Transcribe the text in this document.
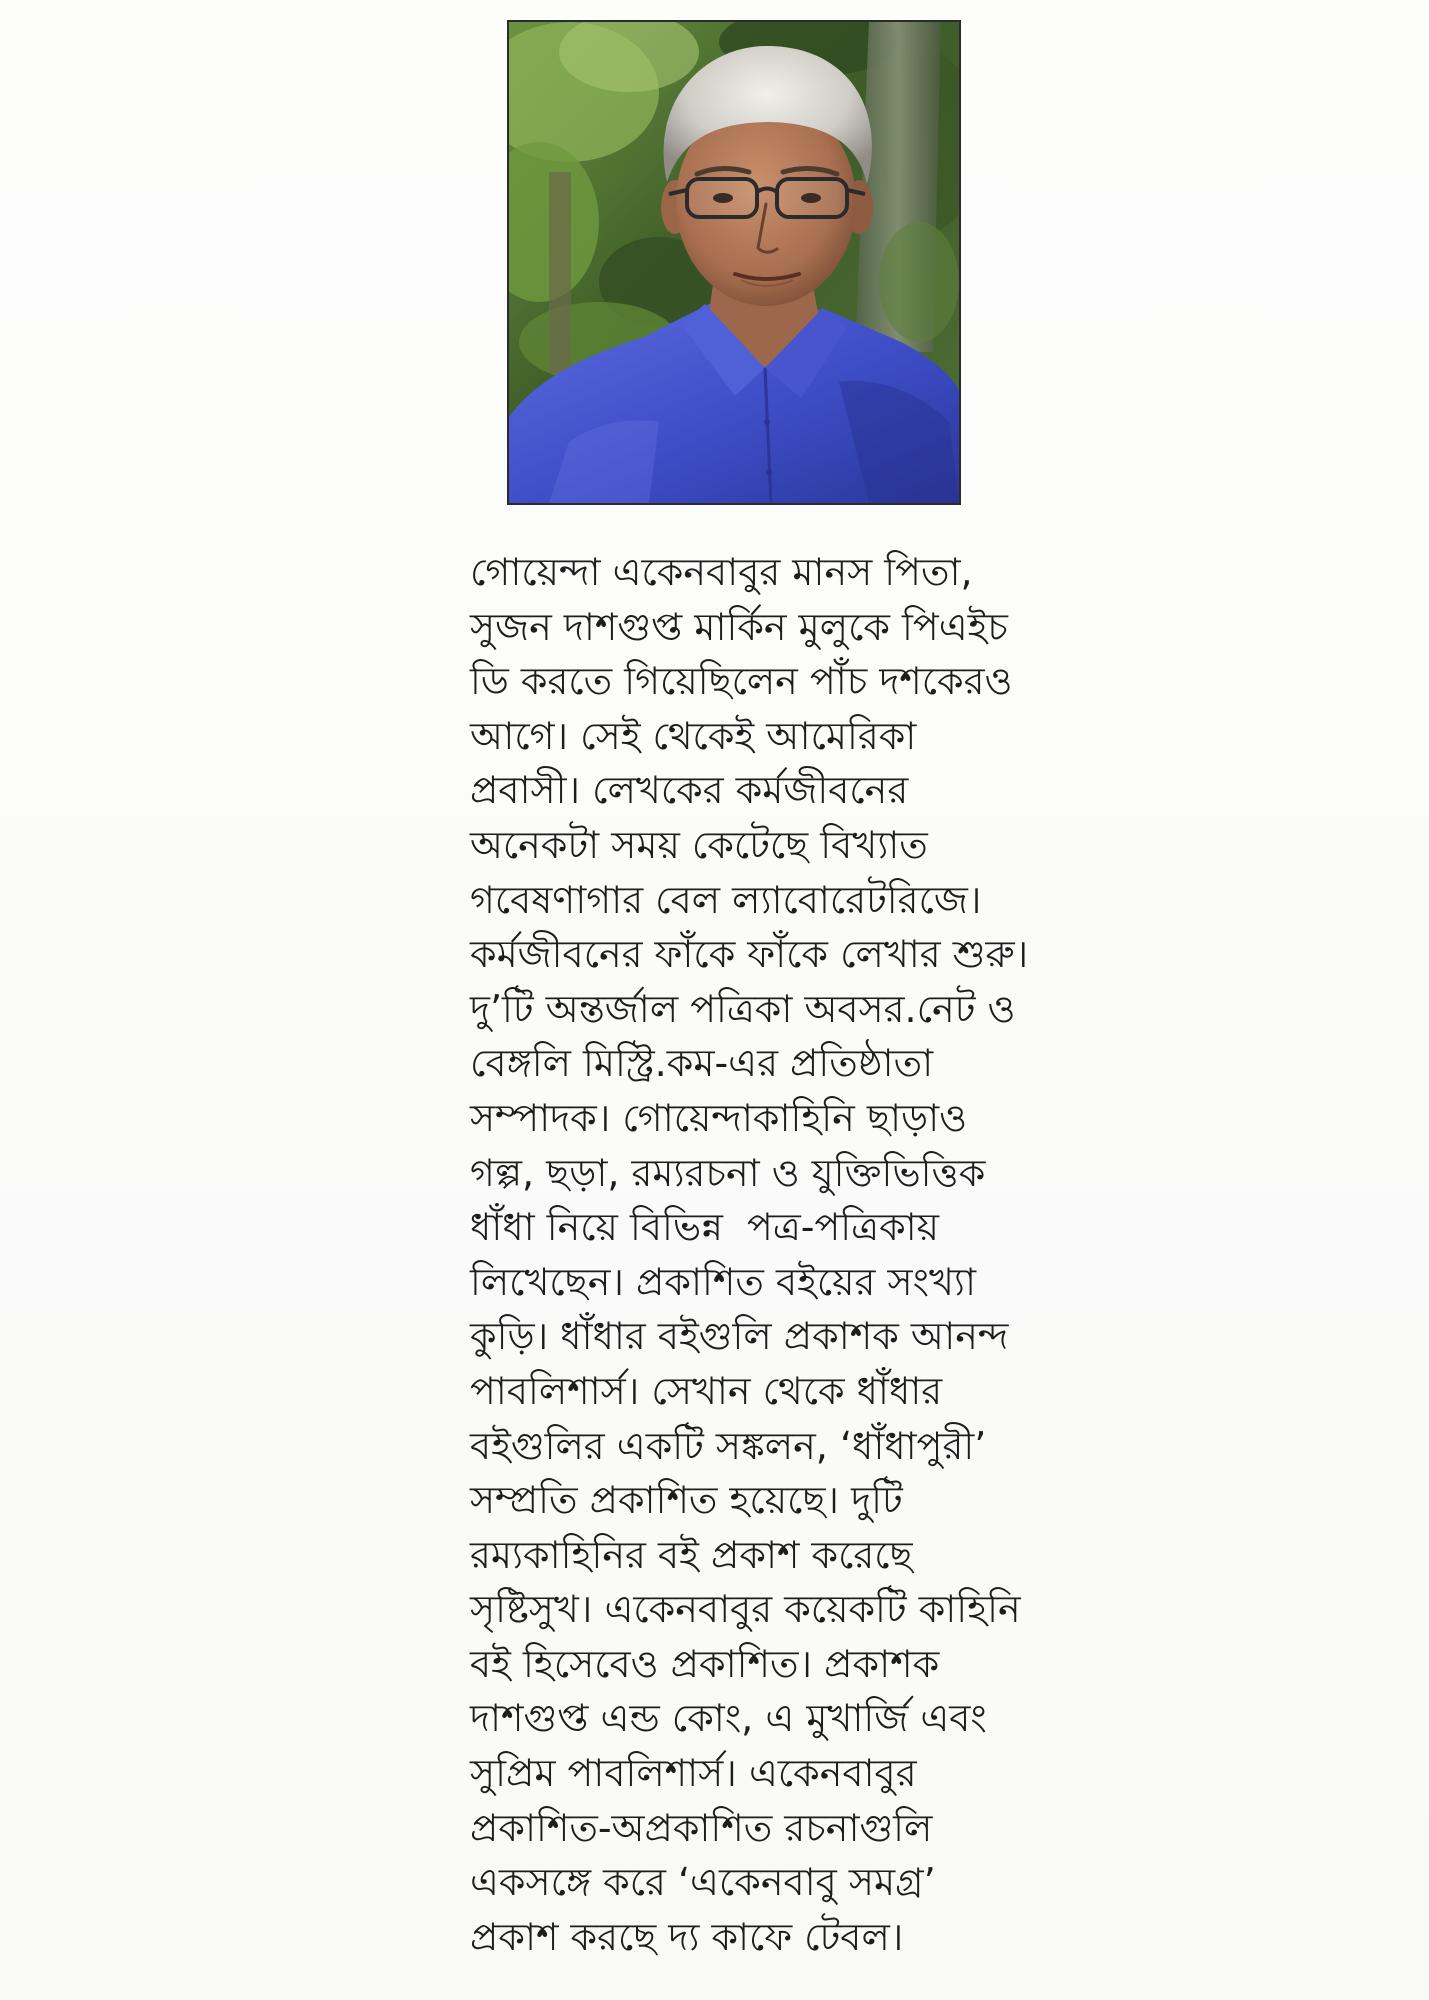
গোয়েন্দা একেনবাবুর মানস পিতা,
সুজন দাশগুপ্ত মার্কিন মুলুকে পিএইচ
ডি করতে গিয়েছিলেন পাঁচ দশকেরও
আগে। সেই থেকেই আমেরিকা
প্রবাসী। লেখকের কর্মজীবনের
অনেকটা সময় কেটেছে বিখ্যাত
গবেষণাগার বেল ল্যাবোরেটরিজে।
কর্মজীবনের ফাঁকে ফাঁকে লেখার শুরু।
দু’টি অন্তর্জাল পত্রিকা অবসর.নেট ও
বেঙ্গলি মিস্ট্রি.কম-এর প্রতিষ্ঠাতা
সম্পাদক। গোয়েন্দাকাহিনি ছাড়াও
গল্প, ছড়া, রম্যরচনা ও যুক্তিভিত্তিক
ধাঁধা নিয়ে বিভিন্ন  পত্র-পত্রিকায়
লিখেছেন। প্রকাশিত বইয়ের সংখ্যা
কুড়ি। ধাঁধার বইগুলি প্রকাশক আনন্দ
পাবলিশার্স। সেখান থেকে ধাঁধার
বইগুলির একটি সঙ্কলন, ‘ধাঁধাপুরী’
সম্প্রতি প্রকাশিত হয়েছে। দুটি
রম্যকাহিনির বই প্রকাশ করেছে
সৃষ্টিসুখ। একেনবাবুর কয়েকটি কাহিনি
বই হিসেবেও প্রকাশিত। প্রকাশক
দাশগুপ্ত এন্ড কোং, এ মুখার্জি এবং
সুপ্রিম পাবলিশার্স। একেনবাবুর
প্রকাশিত-অপ্রকাশিত রচনাগুলি
একসঙ্গে করে ‘একেনবাবু সমগ্র’
প্রকাশ করছে দ্য কাফে টেবল।
